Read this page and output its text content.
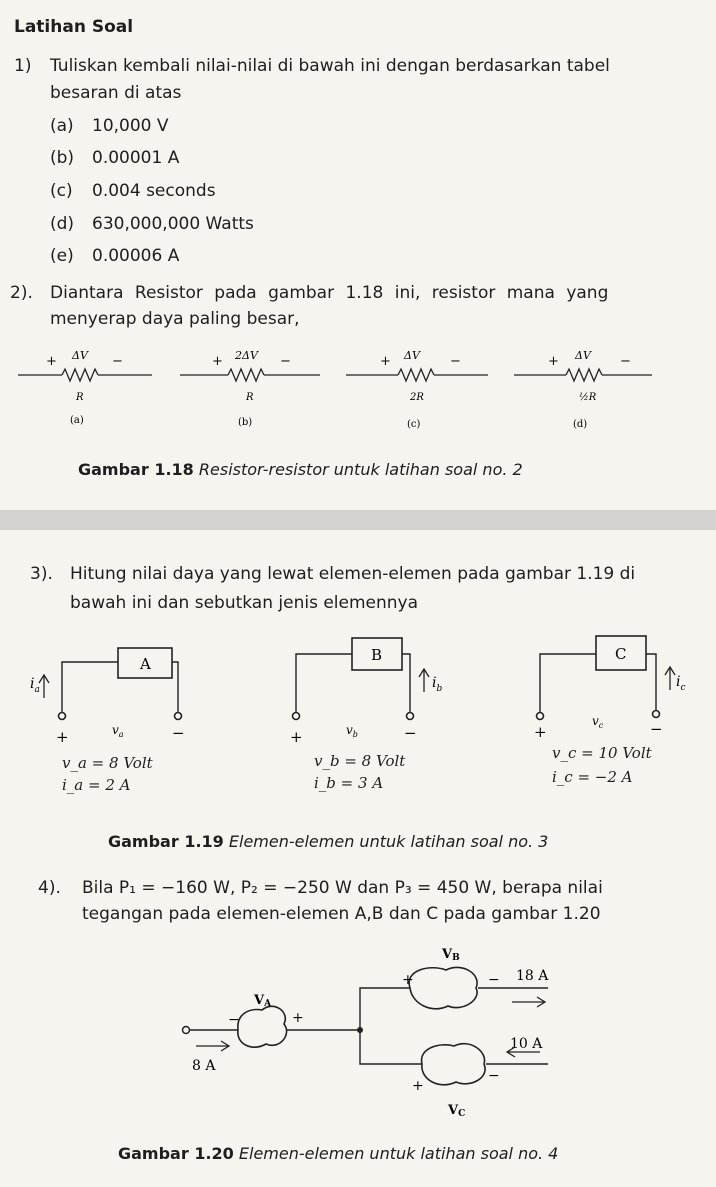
Latihan Soal
1) Tuliskan kembali nilai-nilai di bawah ini dengan berdasarkan tabel
besaran di atas
(a) 10,000 V
(b) 0.00001 A
(c) 0.004 seconds
(d) 630,000,000 Watts
(e) 0.00006 A
2). Diantara Resistor pada gambar 1.18 ini, resistor mana yang
menyerap daya paling besar,
+ ΔV −
R
(a)
+ 2ΔV −
R
(b)
+ ΔV −
2R
(c)
+ ΔV −
½R
(d)
Gambar 1.18 Resistor-resistor untuk latihan soal no. 2
3). Hitung nilai daya yang lewat elemen-elemen pada gambar 1.19 di
bawah ini dan sebutkan jenis elemennya
A
$i_a$
+	$v_a$	−
B
$i_b$
+	$v_b$	−
C
$i_c$
+
$v_c$	−
v_a = 8 Volt
i_a = 2 A
v_b = 8 Volt
i_b = 3 A
v_c = 10 Volt
i_c = −2 A
Gambar 1.19 Elemen-elemen untuk latihan soal no. 3
4). Bila P₁ = −160 W, P₂ = −250 W dan P₃ = 450 W, berapa nilai
tegangan pada elemen-elemen A,B dan C pada gambar 1.20
VA
−	+
8 A
VB
+	− 18 A
10 A
+
−
VC
Gambar 1.20 Elemen-elemen untuk latihan soal no. 4
